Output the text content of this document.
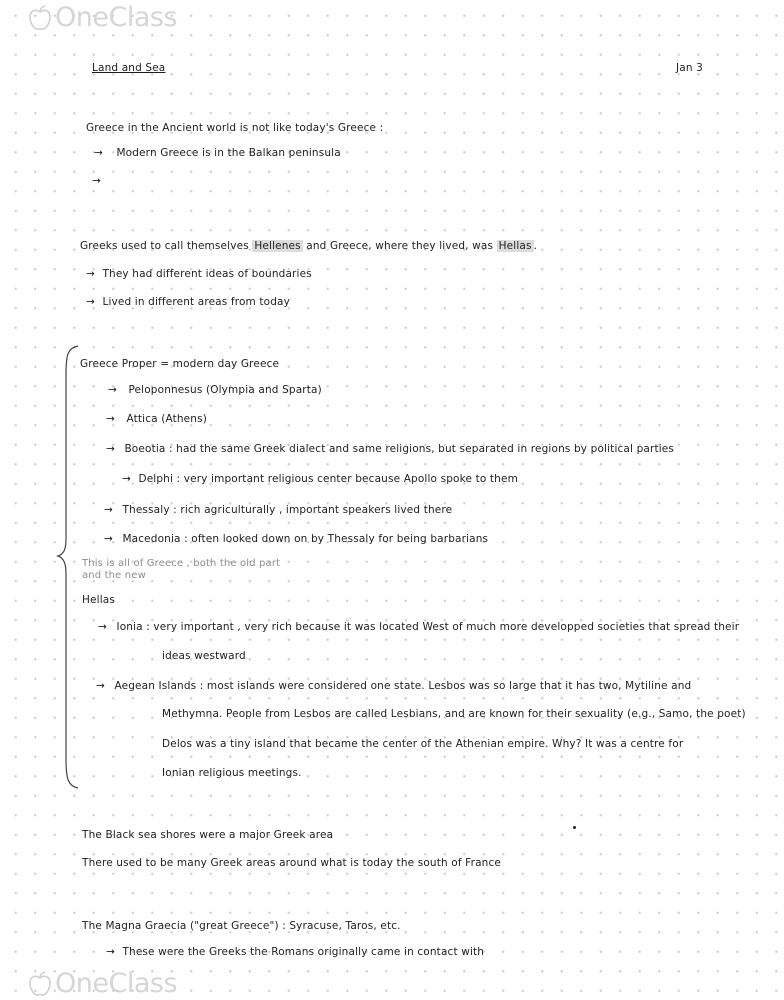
OneClass
Land and Sea	Jan 3
Greece in the Ancient world is not like today's Greece :
→ Modern Greece is in the Balkan peninsula
→
Greeks used to call themselves Hellenes and Greece, where they lived, was Hellas .
→ They had different ideas of boundaries
→ Lived in different areas from today
Greece Proper = modern day Greece
→ Peloponnesus (Olympia and Sparta)
→ Attica (Athens)
→ Boeotia : had the same Greek dialect and same religions, but separated in regions by political parties
→ Delphi : very important religious center because Apollo spoke to them
→ Thessaly : rich agriculturally , important speakers lived there
→ Macedonia : often looked down on by Thessaly for being barbarians
This is all of Greece , both the old part and the new
Hellas
→ Ionia : very important , very rich because it was located West of much more developped societies that spread their
ideas westward
→ Aegean Islands : most islands were considered one state. Lesbos was so large that it has two, Mytiline and
Methymna. People from Lesbos are called Lesbians, and are known for their sexuality (e.g., Samo, the poet)
Delos was a tiny island that became the center of the Athenian empire. Why? It was a centre for
Ionian religious meetings.
The Black sea shores were a major Greek area
There used to be many Greek areas around what is today the south of France
The Magna Graecia ("great Greece") : Syracuse, Taros, etc.
→ These were the Greeks the Romans originally came in contact with
OneClass
